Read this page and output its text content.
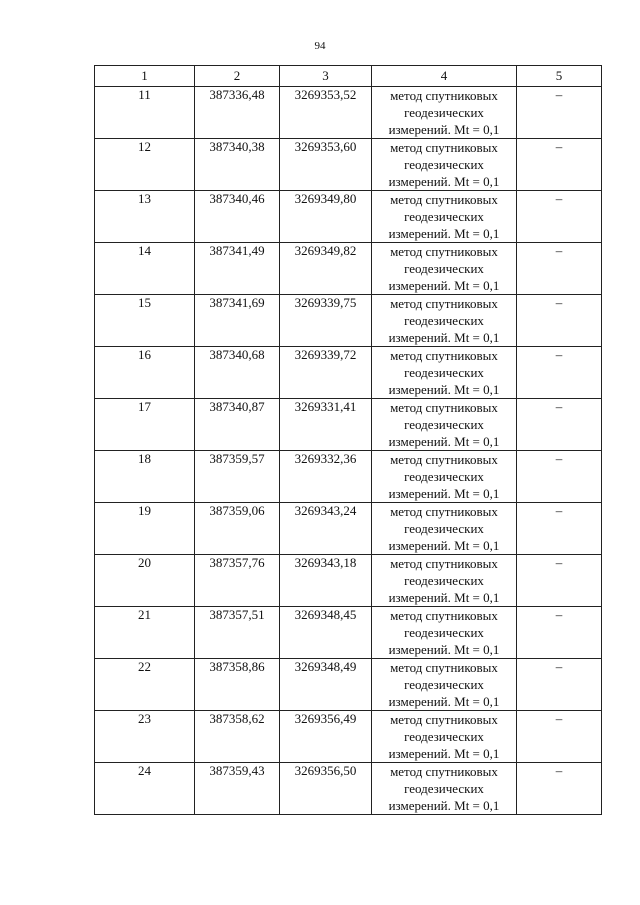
94
1	2	3	4	5
11	387336,48	3269353,52	метод спутниковых
геодезических
измерений. Mt = 0,1	–
12	387340,38	3269353,60	метод спутниковых
геодезических
измерений. Mt = 0,1	–
13	387340,46	3269349,80	метод спутниковых
геодезических
измерений. Mt = 0,1	–
14	387341,49	3269349,82	метод спутниковых
геодезических
измерений. Mt = 0,1	–
15	387341,69	3269339,75	метод спутниковых
геодезических
измерений. Mt = 0,1	–
16	387340,68	3269339,72	метод спутниковых
геодезических
измерений. Mt = 0,1	–
17	387340,87	3269331,41	метод спутниковых
геодезических
измерений. Mt = 0,1	–
18	387359,57	3269332,36	метод спутниковых
геодезических
измерений. Mt = 0,1	–
19	387359,06	3269343,24	метод спутниковых
геодезических
измерений. Mt = 0,1	–
20	387357,76	3269343,18	метод спутниковых
геодезических
измерений. Mt = 0,1	–
21	387357,51	3269348,45	метод спутниковых
геодезических
измерений. Mt = 0,1	–
22	387358,86	3269348,49	метод спутниковых
геодезических
измерений. Mt = 0,1	–
23	387358,62	3269356,49	метод спутниковых
геодезических
измерений. Mt = 0,1	–
24	387359,43	3269356,50	метод спутниковых
геодезических
измерений. Mt = 0,1	–
